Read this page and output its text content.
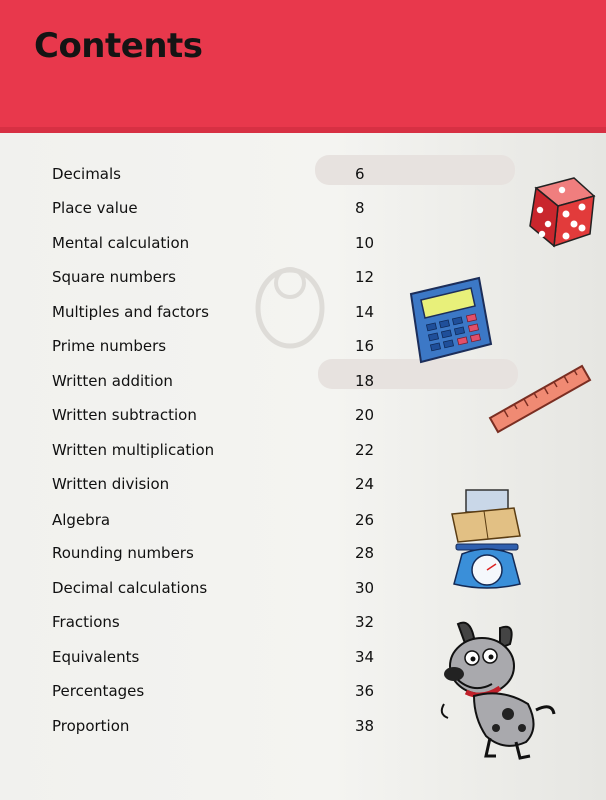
Contents
Decimals	6
Place value	8
Mental calculation	10
Square numbers	12
Multiples and factors	14
Prime numbers	16
Written addition	18
Written subtraction	20
Written multiplication	22
Written division	24
Algebra	26
Rounding numbers	28
Decimal calculations	30
Fractions	32
Equivalents	34
Percentages	36
Proportion	38
